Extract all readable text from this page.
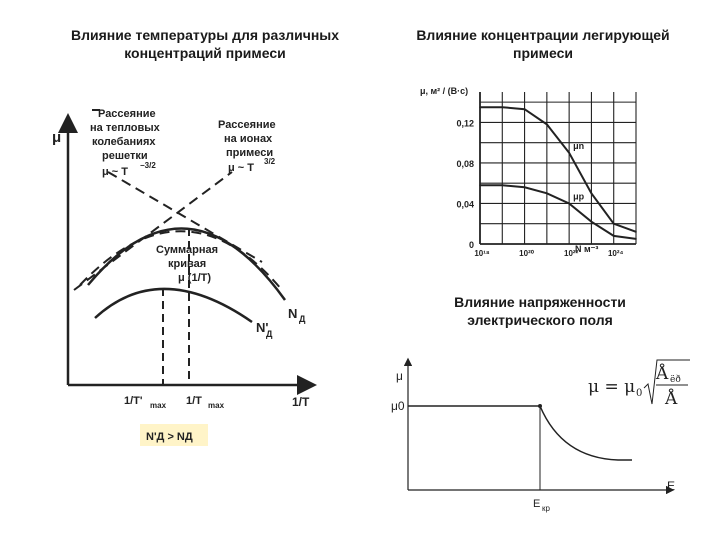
Влияние температуры для различных
концентраций примеси
Влияние концентрации легирующей
примеси
Влияние напряженности
электрического поля
μ
1/T
Рассеяние
на тепловых
колебаниях
решетки
μ ~ T
−3/2
Рассеяние
на ионах
примеси
μ ~ T
3/2
Суммарная
кривая
μ (1/T)
N Д
N'
Д
1/T' max 1/T max
N'Д > NД
0
0,04
0,08
0,12
10¹⁸	10²⁰	10²²	10²⁴
μn
μp
μ, м² / (В·с)
N м⁻³
μ
μ0
E
E кр
μ = μ 0
Å ëð
Å
